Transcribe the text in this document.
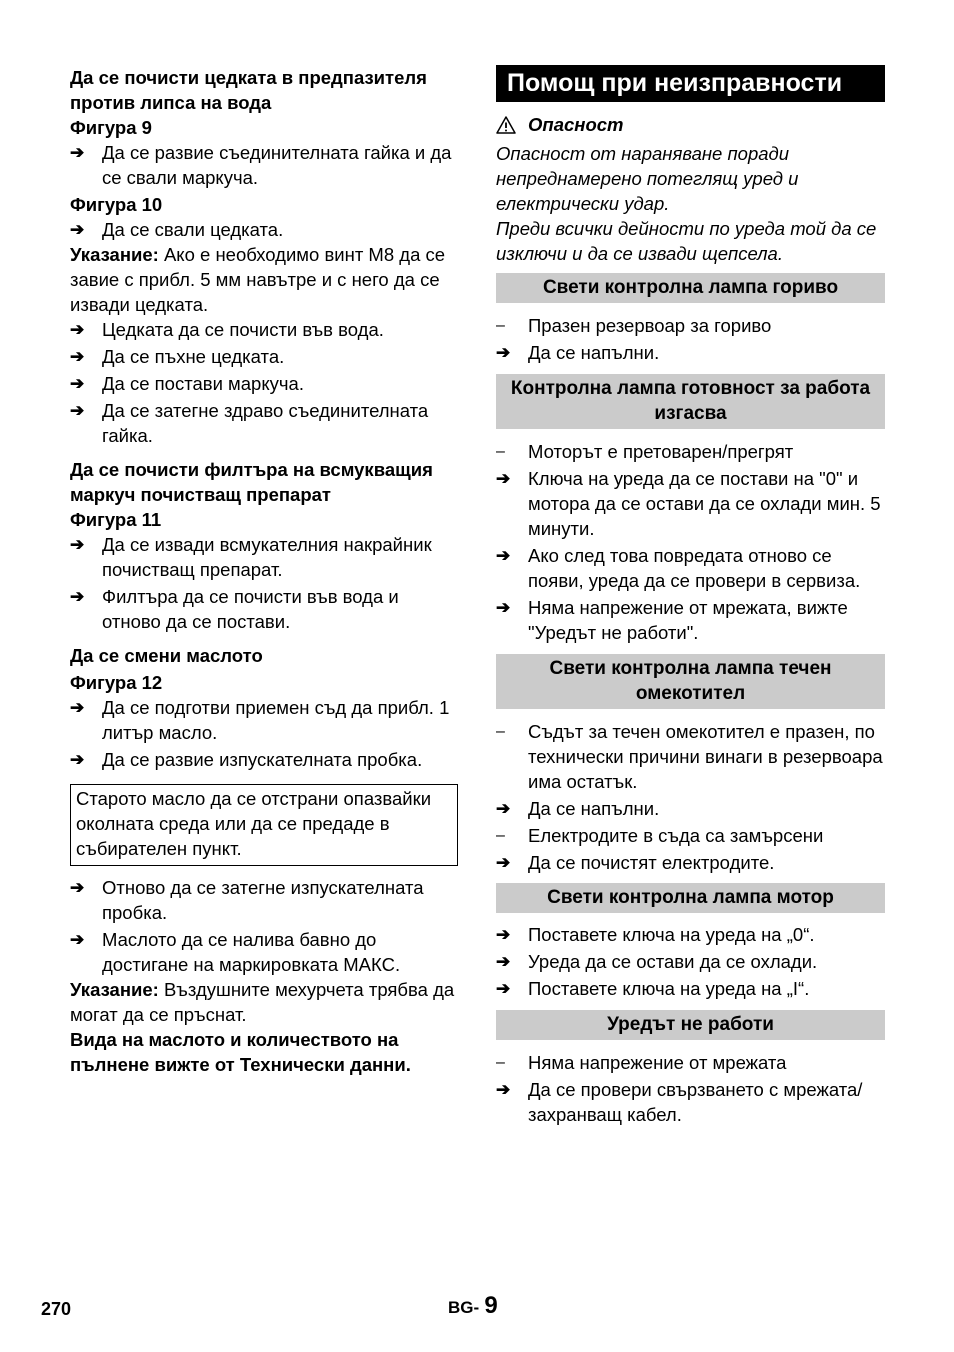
Да се почисти цедката в предпазителя против липса на вода
Фигура 9
➔ Да се развие съединителната гайка и да се свали маркуча.
Фигура 10
➔ Да се свали цедката.

Указание: Ако е необходимо винт M8 да се завие с прибл. 5 мм навътре и с него да се извади цедката.

➔ Цедката да се почисти във вода.
➔ Да се пъхне цедката.
➔ Да се постави маркуча.
➔ Да се затегне здраво съединителната гайка.
Да се почисти филтъра на всмукващия маркуч почистващ препарат
Фигура 11
➔ Да се извади всмукателния накрайник почистващ препарат.
➔ Филтъра да се почисти във вода и отново да се постави.
Да се смени маслото
Фигура 12
➔ Да се подготви приемен съд да прибл. 1 литър масло.
➔ Да се развие изпускателната пробка.
Старото масло да се отстрани опазвайки околната среда или да се предаде в събирателен пункт.
➔ Отново да се затегне изпускателната пробка.
➔ Маслото да се налива бавно до достигане на маркировката МАКС.

Указание: Въздушните мехурчета трябва да могат да се пръснат.

Вида на маслото и количеството на пълнене вижте от Технически данни.

Помощ при неизправности
Опасност

Опасност от нараняване поради непреднамерено потеглящ уред и електрически удар.

Преди всички дейности по уреда той да се изключи и да се извади щепсела.

Свети контролна лампа гориво
–	Празен резервоар за гориво
➔ Да се напълни.
Контролна лампа готовност за работа изгасва
–	Моторът е претоварен/прегрят
➔ Ключа на уреда да се постави на "0" и мотора да се остави да се охлади мин. 5 минути.
➔ Ако след това повредата отново се появи, уреда да се провери в сервиза.
➔ Няма напрежение от мрежата, вижте "Уредът не работи".
Свети контролна лампа течен омекотител
–	Съдът за течен омекотител е празен, по технически причини винаги в резервоара има остатък.
➔ Да се напълни.
–	Електродите в съда са замърсени
➔ Да се почистят електродите.
Свети контролна лампа мотор
➔ Поставете ключа на уреда на „0“.
➔ Уреда да се остави да се охлади.
➔ Поставете ключа на уреда на „I“.
Уредът не работи
–	Няма напрежение от мрежата
➔ Да се провери свързването с мрежата/захранващ кабел.
270	BG- 9
